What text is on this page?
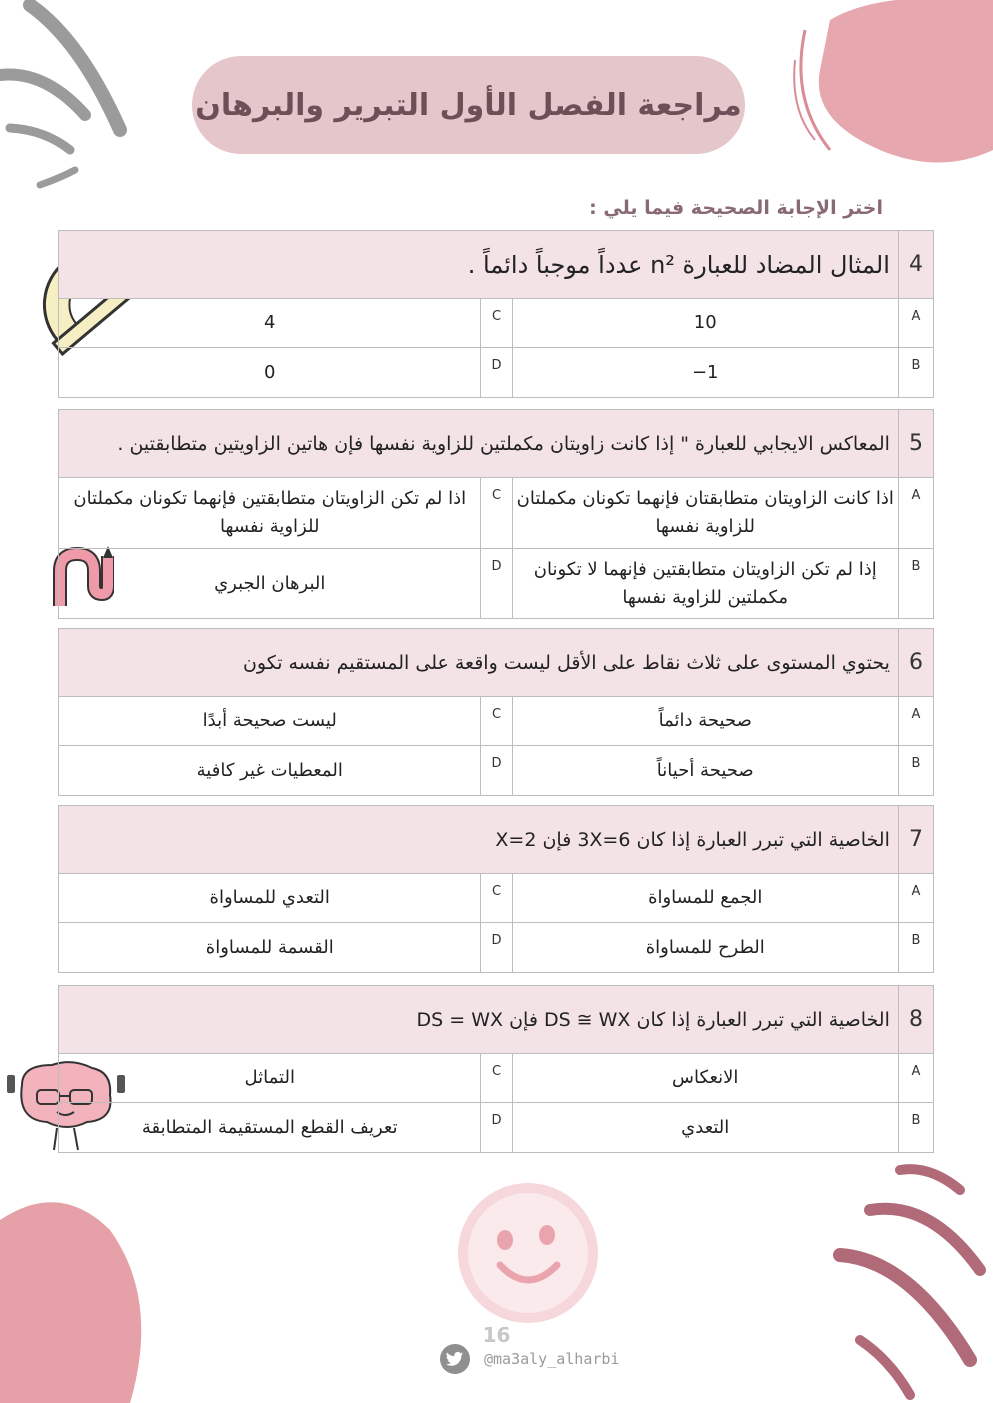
مراجعة الفصل الأول التبرير والبرهان
اختر الإجابة الصحيحة فيما يلي :
4	المثال المضاد للعبارة n² عدداً موجباً دائماً .		
A	10	C	4
B	1−	D	0
5	المعاكس الايجابي للعبارة " إذا كانت زاويتان مكملتين للزاوية نفسها فإن هاتين الزاويتين متطابقتين .		
A	اذا كانت الزاويتان متطابقتان فإنهما تكونان مكملتان للزاوية نفسها	C	اذا لم تكن الزاويتان متطابقتين فإنهما تكونان مكملتان للزاوية نفسها
B	إذا لم تكن الزاويتان متطابقتين فإنهما لا تكونان مكملتين للزاوية نفسها	D	البرهان الجبري
6	يحتوي المستوى على ثلاث نقاط على الأقل ليست واقعة على المستقيم نفسه تكون		
A	صحيحة دائماً	C	ليست صحيحة أبدًا
B	صحيحة أحياناً	D	المعطيات غير كافية
7	الخاصية التي تبرر العبارة إذا كان 3X=6 فإن X=2		
A	الجمع للمساواة	C	التعدي للمساواة
B	الطرح للمساواة	D	القسمة للمساواة
8	الخاصية التي تبرر العبارة إذا كان DS ≅ WX فإن DS = WX		
A	الانعكاس	C	التماثل
B	التعدي	D	تعريف القطع المستقيمة المتطابقة
16
@ma3aly_alharbi
